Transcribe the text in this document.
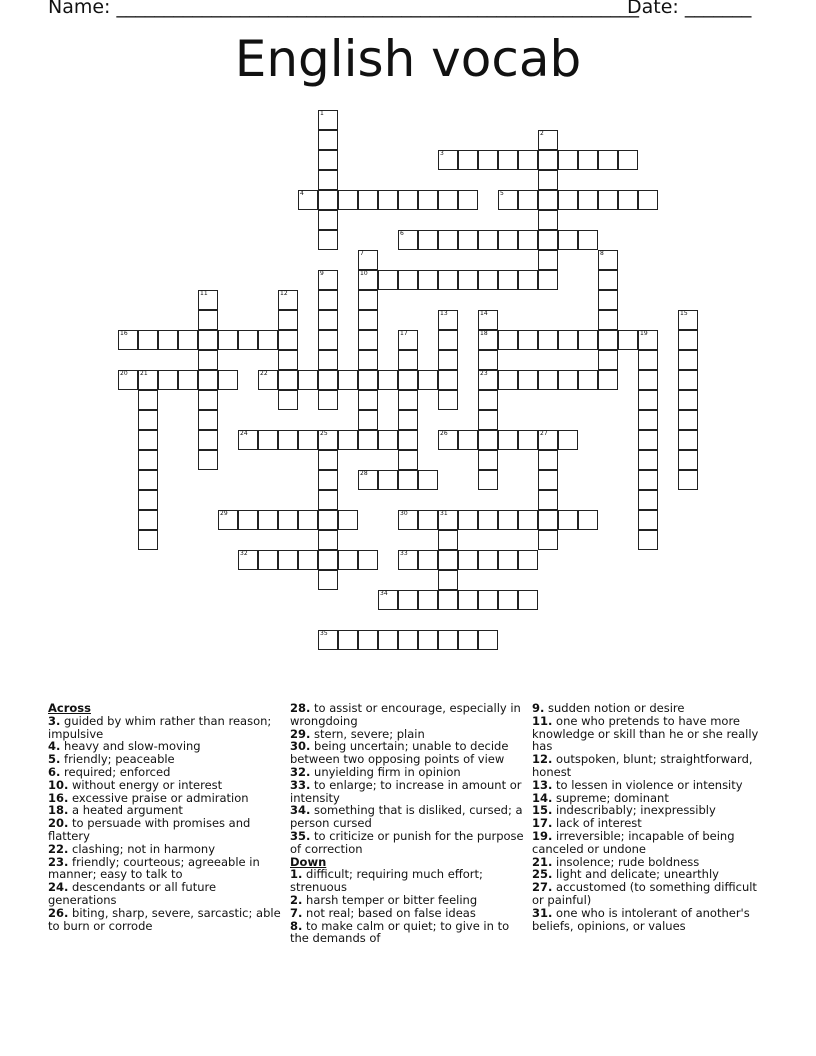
Name: _______________________________________________________
Date: _______
English vocab
1
2
3
4	5
6
7
10
8
9
11	12
13	14
18
23
15
16	17	19
20 21	22
24	25	26	27
28
29	30	31
32	33
34
35
Across

3. guided by whim rather than reason; impulsive

4. heavy and slow-moving

5. friendly; peaceable

6. required; enforced

10. without energy or interest

16. excessive praise or admiration

18. a heated argument

20. to persuade with promises and flattery

22. clashing; not in harmony

23. friendly; courteous; agreeable in manner; easy to talk to

24. descendants or all future generations

26. biting, sharp, severe, sarcastic; able to burn or corrode

28. to assist or encourage, especially in wrongdoing

29. stern, severe; plain

30. being uncertain; unable to decide between two opposing points of view

32. unyielding firm in opinion

33. to enlarge; to increase in amount or intensity

34. something that is disliked, cursed; a person cursed

35. to criticize or punish for the purpose of correction

Down

1. difficult; requiring much effort; strenuous

2. harsh temper or bitter feeling

7. not real; based on false ideas

8. to make calm or quiet; to give in to the demands of

9. sudden notion or desire

11. one who pretends to have more knowledge or skill than he or she really has

12. outspoken, blunt; straightforward, honest

13. to lessen in violence or intensity

14. supreme; dominant

15. indescribably; inexpressibly

17. lack of interest

19. irreversible; incapable of being canceled or undone

21. insolence; rude boldness

25. light and delicate; unearthly

27. accustomed (to something difficult or painful)

31. one who is intolerant of another's beliefs, opinions, or values
